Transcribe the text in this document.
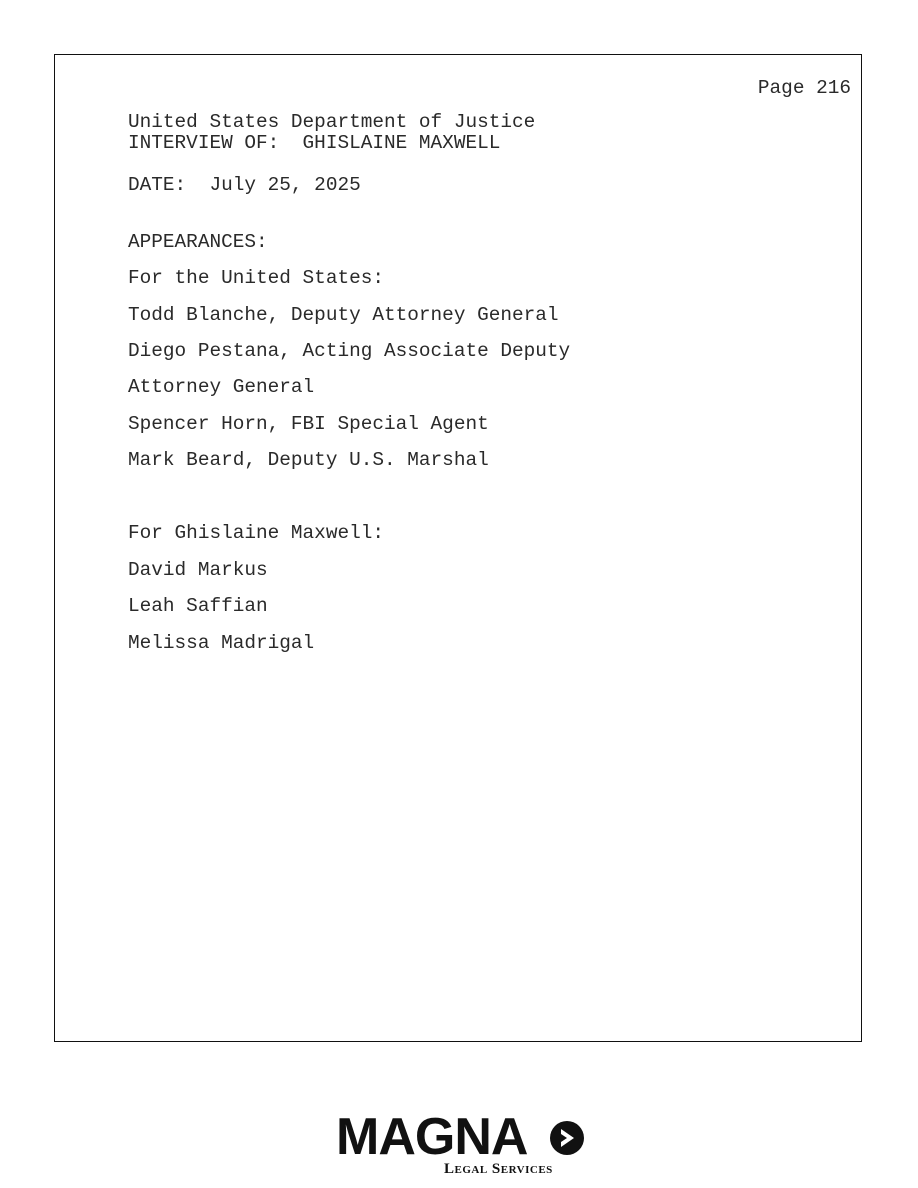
Page 216
United States Department of Justice
INTERVIEW OF:  GHISLAINE MAXWELL
DATE:  July 25, 2025
APPEARANCES:
For the United States:
Todd Blanche, Deputy Attorney General
Diego Pestana, Acting Associate Deputy
Attorney General
Spencer Horn, FBI Special Agent
Mark Beard, Deputy U.S. Marshal
For Ghislaine Maxwell:
David Markus
Leah Saffian
Melissa Madrigal
MAGNA
Legal Services
